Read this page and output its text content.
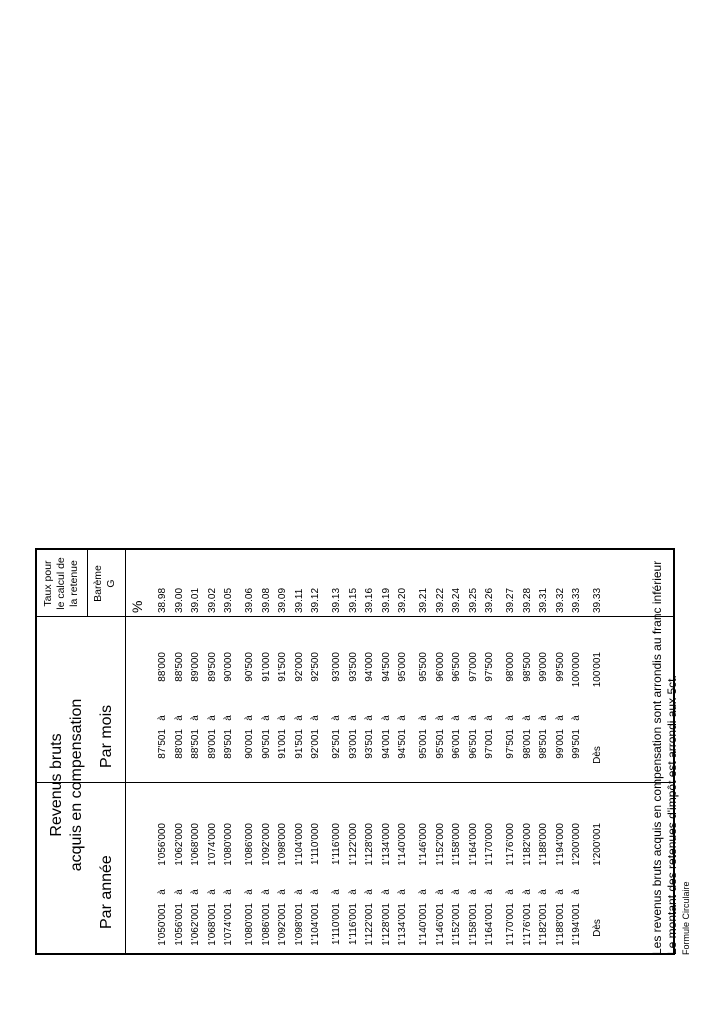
Revenus bruts acquis en compensation
Par année
Par mois
Taux pour le calcul de la retenue Barème G
%
1'050'001
à
1'056'000
87'501
à
88'000
38.98
1'056'001
à
1'062'000
88'001
à
88'500
39.00
1'062'001
à
1'068'000
88'501
à
89'000
39.01
1'068'001
à
1'074'000
89'001
à
89'500
39.02
1'074'001
à
1'080'000
89'501
à
90'000
39.05
1'080'001
à
1'086'000
90'001
à
90'500
39.06
1'086'001
à
1'092'000
90'501
à
91'000
39.08
1'092'001
à
1'098'000
91'001
à
91'500
39.09
1'098'001
à
1'104'000
91'501
à
92'000
39.11
1'104'001
à
1'110'000
92'001
à
92'500
39.12
1'110'001
à
1'116'000
92'501
à
93'000
39.13
1'116'001
à
1'122'000
93'001
à
93'500
39.15
1'122'001
à
1'128'000
93'501
à
94'000
39.16
1'128'001
à
1'134'000
94'001
à
94'500
39.19
1'134'001
à
1'140'000
94'501
à
95'000
39.20
1'140'001
à
1'146'000
95'001
à
95'500
39.21
1'146'001
à
1'152'000
95'501
à
96'000
39.22
1'152'001
à
1'158'000
96'001
à
96'500
39.24
1'158'001
à
1'164'000
96'501
à
97'000
39.25
1'164'001
à
1'170'000
97'001
à
97'500
39.26
1'170'001
à
1'176'000
97'501
à
98'000
39.27
1'176'001
à
1'182'000
98'001
à
98'500
39.28
1'182'001
à
1'188'000
98'501
à
99'000
39.31
1'188'001
à
1'194'000
99'001
à
99'500
39.32
1'194'001
à
1'200'000
99'501
à
100'000
39.33
Dès
1'200'001
Dès
100'001
39.33	Les revenus bruts acquis en compensation sont arrondis au franc inférieur Le montant des retenues d'impôt est arrondi aux 5ct. Formule Circulaire
